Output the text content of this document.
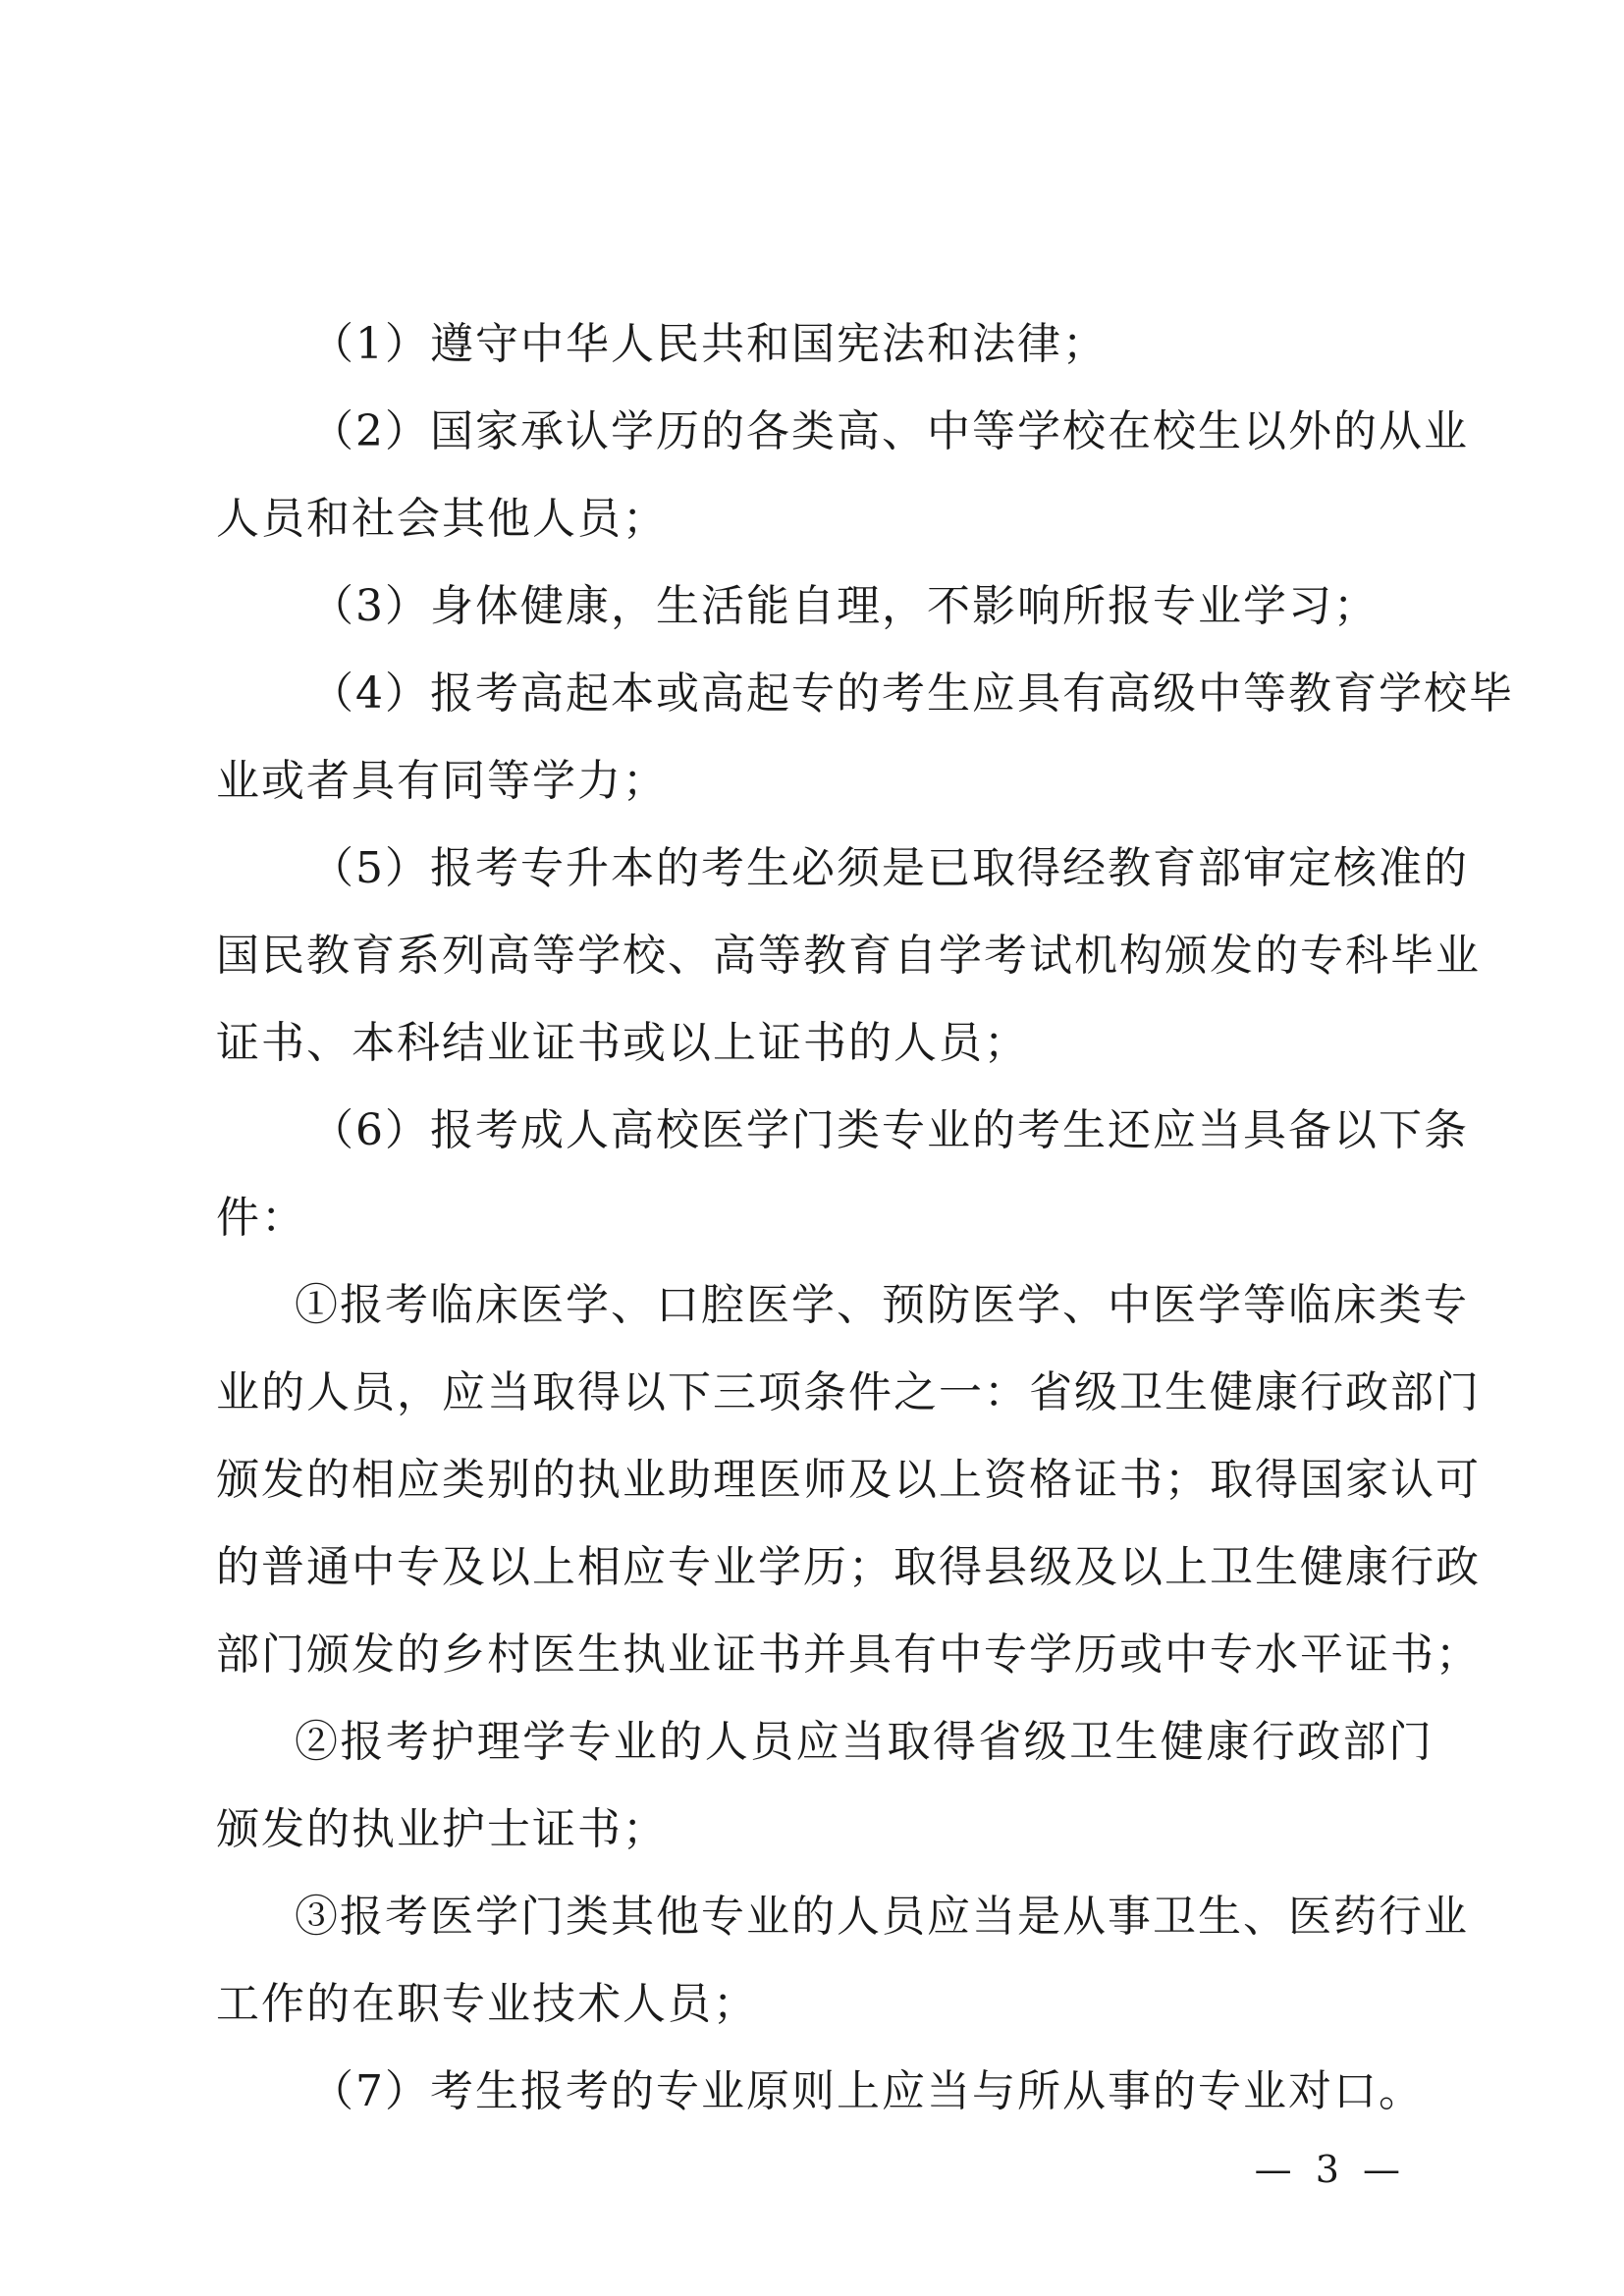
（1）遵守中华人民共和国宪法和法律；
（2）国家承认学历的各类高、中等学校在校生以外的从业
人员和社会其他人员；
（3）身体健康，生活能自理，不影响所报专业学习；
（4）报考高起本或高起专的考生应具有高级中等教育学校毕
业或者具有同等学力；
（5）报考专升本的考生必须是已取得经教育部审定核准的
国民教育系列高等学校、高等教育自学考试机构颁发的专科毕业
证书、本科结业证书或以上证书的人员；
（6）报考成人高校医学门类专业的考生还应当具备以下条
件：
①报考临床医学、口腔医学、预防医学、中医学等临床类专
业的人员，应当取得以下三项条件之一：省级卫生健康行政部门
颁发的相应类别的执业助理医师及以上资格证书；取得国家认可
的普通中专及以上相应专业学历；取得县级及以上卫生健康行政
部门颁发的乡村医生执业证书并具有中专学历或中专水平证书；
②报考护理学专业的人员应当取得省级卫生健康行政部门
颁发的执业护士证书；
③报考医学门类其他专业的人员应当是从事卫生、医药行业
工作的在职专业技术人员；
（7）考生报考的专业原则上应当与所从事的专业对口。
— 3 —
